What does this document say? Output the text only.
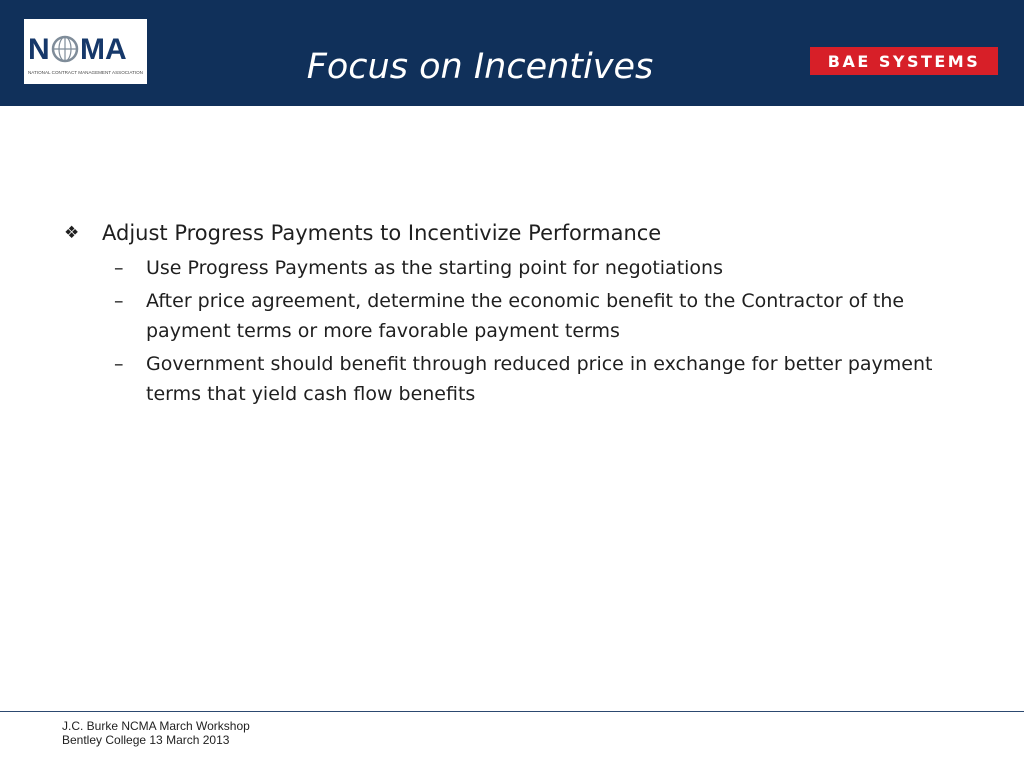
N MA
NATIONAL CONTRACT MANAGEMENT ASSOCIATION	Focus on Incentives	BAE SYSTEMS
❖ Adjust Progress Payments to Incentivize Performance
– Use Progress Payments as the starting point for negotiations
– After price agreement, determine the economic benefit to the Contractor of the payment terms or more favorable payment terms
– Government should benefit through reduced price in exchange for better payment terms that yield cash flow benefits
J.C. Burke NCMA March Workshop
Bentley College 13 March 2013
